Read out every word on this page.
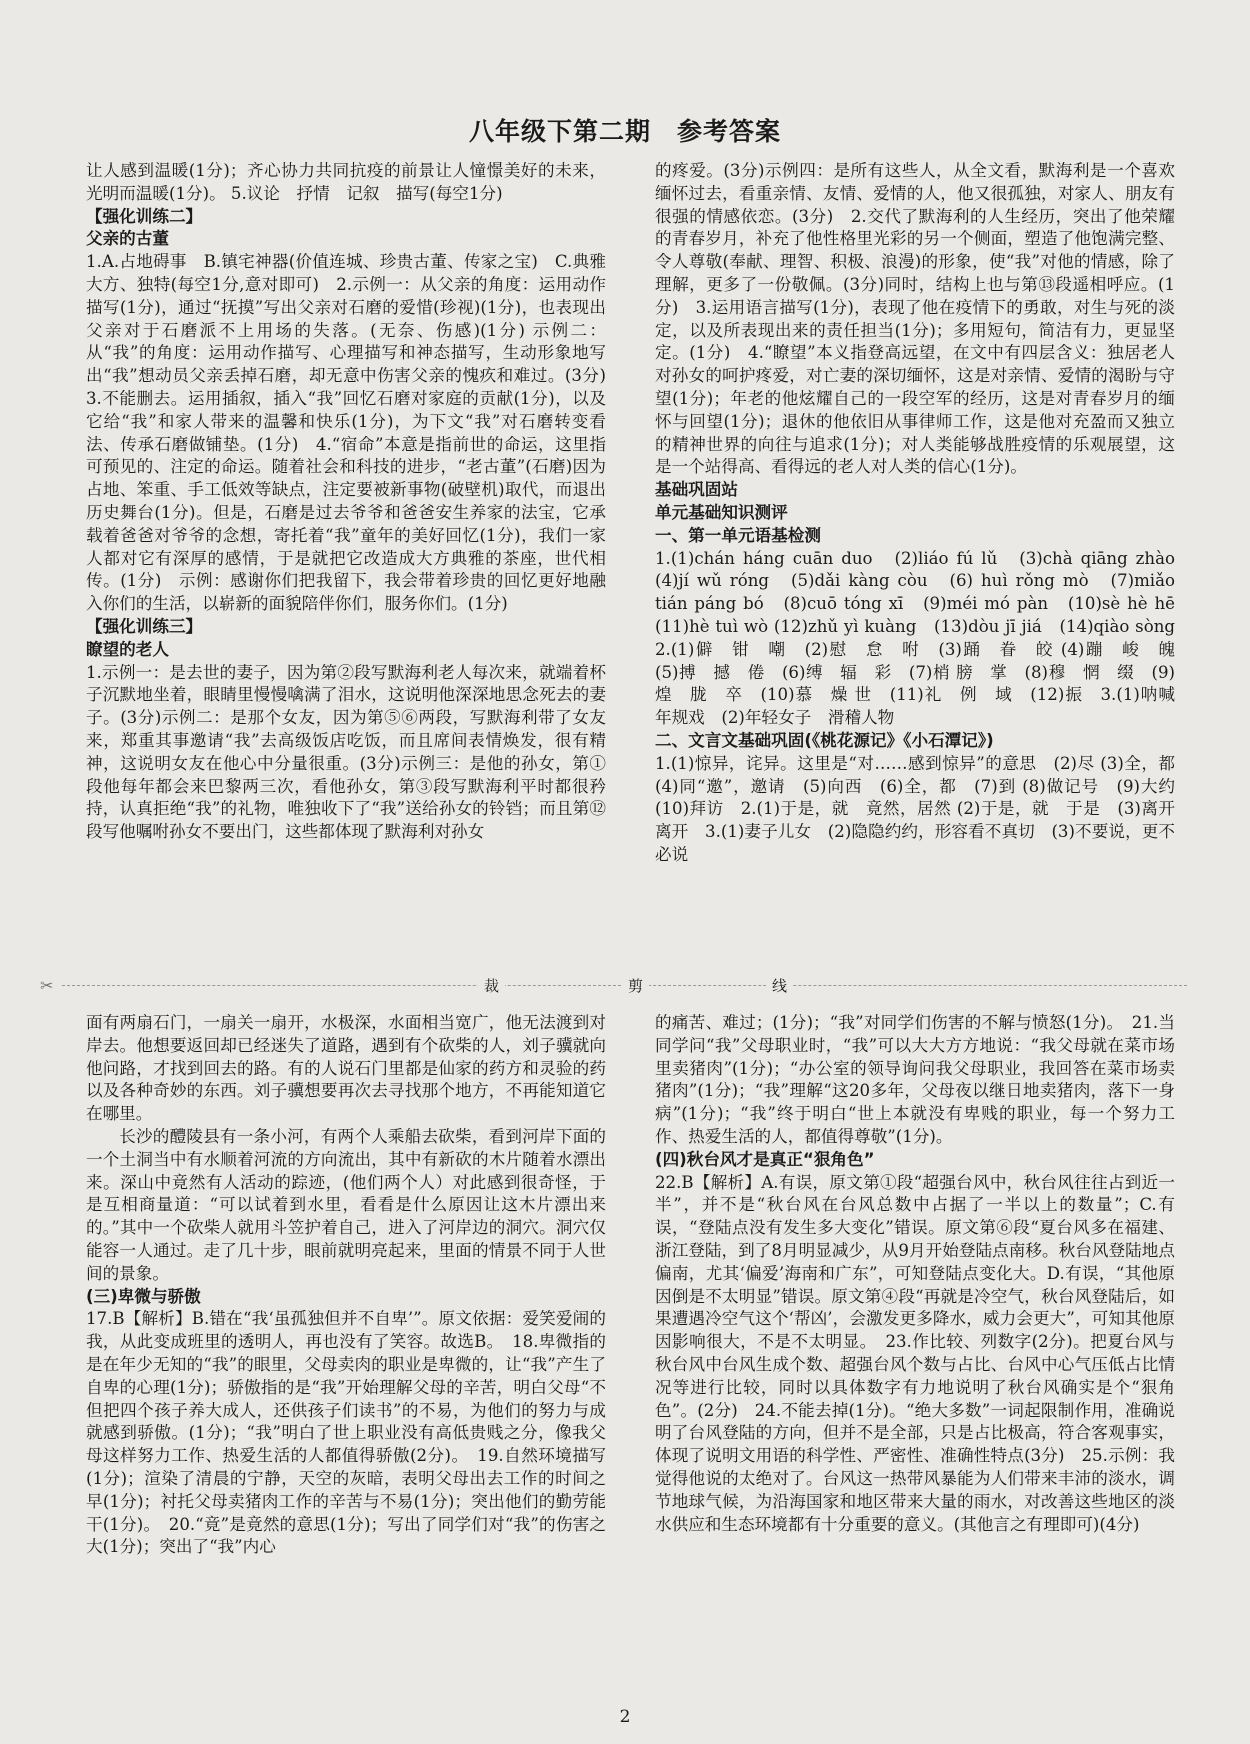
八年级下第二期　参考答案

让人感到温暖(1分)；齐心协力共同抗疫的前景让人憧憬美好的未来，光明而温暖(1分)。 5.议论　抒情　记叙　描写(每空1分)

【强化训练二】

父亲的古董

1.A.占地碍事　B.镇宅神器(价值连城、珍贵古董、传家之宝)　C.典雅大方、独特(每空1分,意对即可)　2.示例一：从父亲的角度：运用动作描写(1分)，通过“抚摸”写出父亲对石磨的爱惜(珍视)(1分)，也表现出父亲对于石磨派不上用场的失落。(无奈、伤感)(1分) 示例二：从“我”的角度：运用动作描写、心理描写和神态描写，生动形象地写出“我”想动员父亲丢掉石磨，却无意中伤害父亲的愧疚和难过。(3分)　3.不能删去。运用插叙，插入“我”回忆石磨对家庭的贡献(1分)，以及它给“我”和家人带来的温馨和快乐(1分)，为下文“我”对石磨转变看法、传承石磨做铺垫。(1分)　4.“宿命”本意是指前世的命运，这里指可预见的、注定的命运。随着社会和科技的进步，“老古董”(石磨)因为占地、笨重、手工低效等缺点，注定要被新事物(破壁机)取代，而退出历史舞台(1分)。但是，石磨是过去爷爷和爸爸安生养家的法宝，它承载着爸爸对爷爷的念想，寄托着“我”童年的美好回忆(1分)，我们一家人都对它有深厚的感情，于是就把它改造成大方典雅的茶座，世代相传。(1分)　示例：感谢你们把我留下，我会带着珍贵的回忆更好地融入你们的生活，以崭新的面貌陪伴你们，服务你们。(1分)

【强化训练三】

瞭望的老人

1.示例一：是去世的妻子，因为第②段写默海利老人每次来，就端着杯子沉默地坐着，眼睛里慢慢噙满了泪水，这说明他深深地思念死去的妻子。(3分)示例二：是那个女友，因为第⑤⑥两段，写默海利带了女友来，郑重其事邀请“我”去高级饭店吃饭，而且席间表情焕发，很有精神，这说明女友在他心中分量很重。(3分)示例三：是他的孙女，第①段他每年都会来巴黎两三次，看他孙女，第③段写默海利平时都很矜持，认真拒绝“我”的礼物，唯独收下了“我”送给孙女的铃铛；而且第⑫段写他嘱咐孙女不要出门，这些都体现了默海利对孙女

的疼爱。(3分)示例四：是所有这些人，从全文看，默海利是一个喜欢缅怀过去，看重亲情、友情、爱情的人，他又很孤独，对家人、朋友有很强的情感依恋。(3分)　2.交代了默海利的人生经历，突出了他荣耀的青春岁月，补充了他性格里光彩的另一个侧面，塑造了他饱满完整、令人尊敬(奉献、理智、积极、浪漫)的形象，使“我”对他的情感，除了理解，更多了一份敬佩。(3分)同时，结构上也与第⑬段遥相呼应。(1分)　3.运用语言描写(1分)，表现了他在疫情下的勇敢，对生与死的淡定，以及所表现出来的责任担当(1分)；多用短句，简洁有力，更显坚定。(1分)　4.“瞭望”本义指登高远望，在文中有四层含义：独居老人对孙女的呵护疼爱，对亡妻的深切缅怀，这是对亲情、爱情的渴盼与守望(1分)；年老的他炫耀自己的一段空军的经历，这是对青春岁月的缅怀与回望(1分)；退休的他依旧从事律师工作，这是他对充盈而又独立的精神世界的向往与追求(1分)；对人类能够战胜疫情的乐观展望，这是一个站得高、看得远的老人对人类的信心(1分)。

基础巩固站

单元基础知识测评

一、第一单元语基检测

1.(1)chán háng cuān duo　(2)liáo fú lǔ　(3)chà qiāng zhào　(4)jí wǔ róng　(5)dǎi kàng còu　(6) huì rǒng mò　(7)miǎo tián páng bó　(8)cuō tóng xī　(9)méi mó pàn　(10)sè hè hē　(11)hè tuì wò (12)zhǔ yì kuàng　(13)dòu jī jiá　(14)qiào sòng　2.(1)僻　钳　嘲　(2)慰　怠　咐　(3)踊　眷　皎 (4)蹦　峻　魄　(5)搏　撼　倦　(6)缚　辐　彩　(7)梢 膀　掌　(8)穆　惘　缀　(9)煌　胧　卒　(10)慕　燥 世　(11)礼　例　域　(12)振　3.(1)呐喊　年规戏　(2)年轻女子　滑稽人物

二、文言文基础巩固(《桃花源记》《小石潭记》)

1.(1)惊异，诧异。这里是“对……感到惊异”的意思　(2)尽 (3)全，都　(4)同“邀”，邀请　(5)向西　(6)全，都　(7)到 (8)做记号　(9)大约　(10)拜访　2.(1)于是，就　竟然，居然 (2)于是，就　于是　(3)离开　离开　3.(1)妻子儿女　(2)隐隐约约，形容看不真切　(3)不要说，更不必说

✂	裁	剪	线

面有两扇石门，一扇关一扇开，水极深，水面相当宽广，他无法渡到对岸去。他想要返回却已经迷失了道路，遇到有个砍柴的人，刘子骥就向他问路，才找到回去的路。有的人说石门里都是仙家的药方和灵验的药以及各种奇妙的东西。刘子骥想要再次去寻找那个地方，不再能知道它在哪里。

长沙的醴陵县有一条小河，有两个人乘船去砍柴，看到河岸下面的一个土洞当中有水顺着河流的方向流出，其中有新砍的木片随着水漂出来。深山中竟然有人活动的踪迹，(他们两个人）对此感到很奇怪，于是互相商量道：“可以试着到水里，看看是什么原因让这木片漂出来的。”其中一个砍柴人就用斗笠护着自己，进入了河岸边的洞穴。洞穴仅能容一人通过。走了几十步，眼前就明亮起来，里面的情景不同于人世间的景象。

(三)卑微与骄傲

17.B【解析】B.错在“我‘虽孤独但并不自卑’”。原文依据：爱笑爱闹的我，从此变成班里的透明人，再也没有了笑容。故选B。　18.卑微指的是在年少无知的“我”的眼里，父母卖肉的职业是卑微的，让“我”产生了自卑的心理(1分)；骄傲指的是“我”开始理解父母的辛苦，明白父母“不但把四个孩子养大成人，还供孩子们读书”的不易，为他们的努力与成就感到骄傲。(1分)；“我”明白了世上职业没有高低贵贱之分，像我父母这样努力工作、热爱生活的人都值得骄傲(2分)。　19.自然环境描写(1分)；渲染了清晨的宁静，天空的灰暗，表明父母出去工作的时间之早(1分)；衬托父母卖猪肉工作的辛苦与不易(1分)；突出他们的勤劳能干(1分)。　20.“竟”是竟然的意思(1分)；写出了同学们对“我”的伤害之大(1分)；突出了“我”内心

的痛苦、难过；(1分)；“我”对同学们伤害的不解与愤怒(1分)。　21.当同学问“我”父母职业时，“我”可以大大方方地说：“我父母就在菜市场里卖猪肉”(1分)；“办公室的领导询问我父母职业，我回答在菜市场卖猪肉”(1分)；“我”理解“这20多年，父母夜以继日地卖猪肉，落下一身病”(1分)；“我”终于明白“世上本就没有卑贱的职业，每一个努力工作、热爱生活的人，都值得尊敬”(1分)。

(四)秋台风才是真正“狠角色”

22.B【解析】A.有误，原文第①段“超强台风中，秋台风往往占到近一半”，并不是“秋台风在台风总数中占据了一半以上的数量”；C.有误，“登陆点没有发生多大变化”错误。原文第⑥段“夏台风多在福建、浙江登陆，到了8月明显减少，从9月开始登陆点南移。秋台风登陆地点偏南，尤其‘偏爱’海南和广东”，可知登陆点变化大。D.有误，“其他原因倒是不太明显”错误。原文第④段“再就是冷空气，秋台风登陆后，如果遭遇冷空气这个‘帮凶’，会激发更多降水，威力会更大”，可知其他原因影响很大，不是不太明显。　23.作比较、列数字(2分)。把夏台风与秋台风中台风生成个数、超强台风个数与占比、台风中心气压低占比情况等进行比较，同时以具体数字有力地说明了秋台风确实是个“狠角色”。(2分)　24.不能去掉(1分)。“绝大多数”一词起限制作用，准确说明了台风登陆的方向，但并不是全部，只是占比极高，符合客观事实，体现了说明文用语的科学性、严密性、准确性特点(3分)　25.示例：我觉得他说的太绝对了。台风这一热带风暴能为人们带来丰沛的淡水，调节地球气候，为沿海国家和地区带来大量的雨水，对改善这些地区的淡水供应和生态环境都有十分重要的意义。(其他言之有理即可)(4分)

2
